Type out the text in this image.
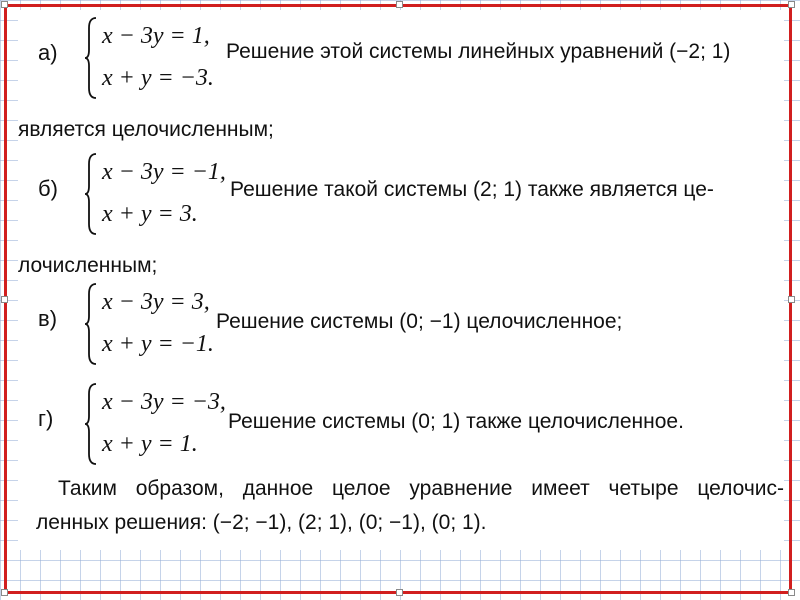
а)
x − 3y = 1,
x + y = −3.
Решение этой системы линейных уравнений (−2; 1)
является целочисленным;
б)
x − 3y = −1,
x + y = 3.
Решение такой системы (2; 1) также является це-
лочисленным;
в)
x − 3y = 3,
x + y = −1.
Решение системы (0; −1) целочисленное;
г)
x − 3y = −3,
x + y = 1.
Решение системы (0; 1) также целочисленное.
Таким образом, данное целое уравнение имеет четыре целочис-
ленных решения: (−2; −1), (2; 1), (0; −1), (0; 1).
